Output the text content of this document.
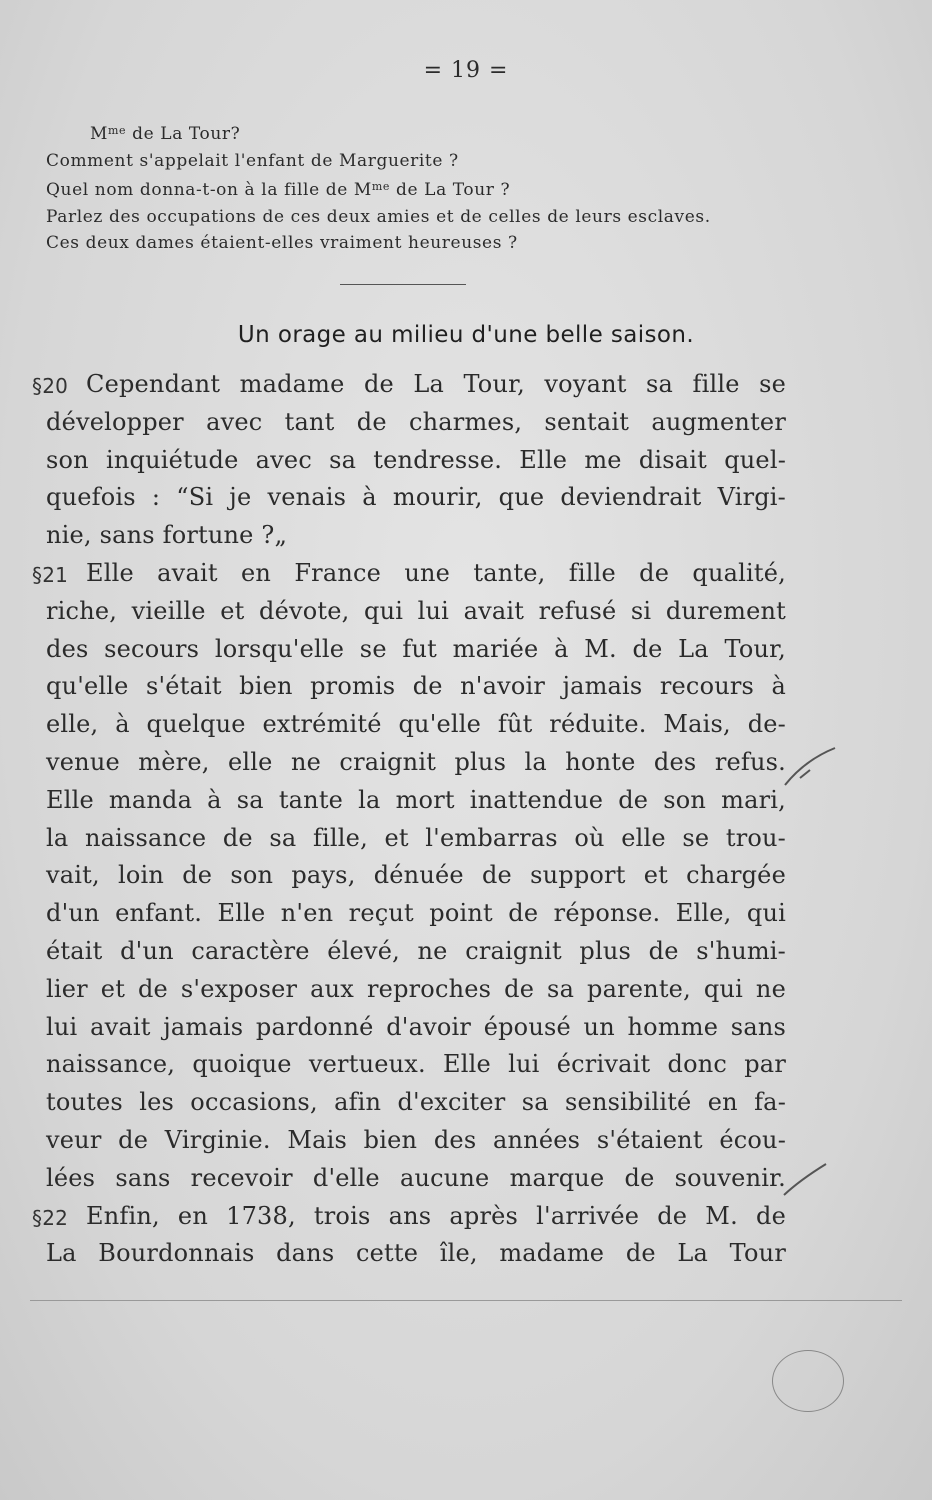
= 19 =
$M^{me}$ de La Tour?
Comment s'appelait l'enfant de Marguerite ?
Quel nom donna-t-on à la fille de $M^{me}$ de La Tour ?
Parlez des occupations de ces deux amies et de celles de leurs esclaves.
Ces deux dames étaient-elles vraiment heureuses ?
Un orage au milieu d'une belle saison.
§20 Cependant madame de La Tour, voyant sa fille se
développer avec tant de charmes, sentait augmenter
son inquiétude avec sa tendresse. Elle me disait quel-
quefois : “Si je venais à mourir, que deviendrait Virgi-
nie, sans fortune ?„
§21 Elle avait en France une tante, fille de qualité,
riche, vieille et dévote, qui lui avait refusé si durement
des secours lorsqu'elle se fut mariée à M. de La Tour,
qu'elle s'était bien promis de n'avoir jamais recours à
elle, à quelque extrémité qu'elle fût réduite. Mais, de-
venue mère, elle ne craignit plus la honte des refus.
Elle manda à sa tante la mort inattendue de son mari,
la naissance de sa fille, et l'embarras où elle se trou-
vait, loin de son pays, dénuée de support et chargée
d'un enfant. Elle n'en reçut point de réponse. Elle, qui
était d'un caractère élevé, ne craignit plus de s'humi-
lier et de s'exposer aux reproches de sa parente, qui ne
lui avait jamais pardonné d'avoir épousé un homme sans
naissance, quoique vertueux. Elle lui écrivait donc par
toutes les occasions, afin d'exciter sa sensibilité en fa-
veur de Virginie. Mais bien des années s'étaient écou-
lées sans recevoir d'elle aucune marque de souvenir.
§22 Enfin, en 1738, trois ans après l'arrivée de M. de
La Bourdonnais dans cette île, madame de La Tour
